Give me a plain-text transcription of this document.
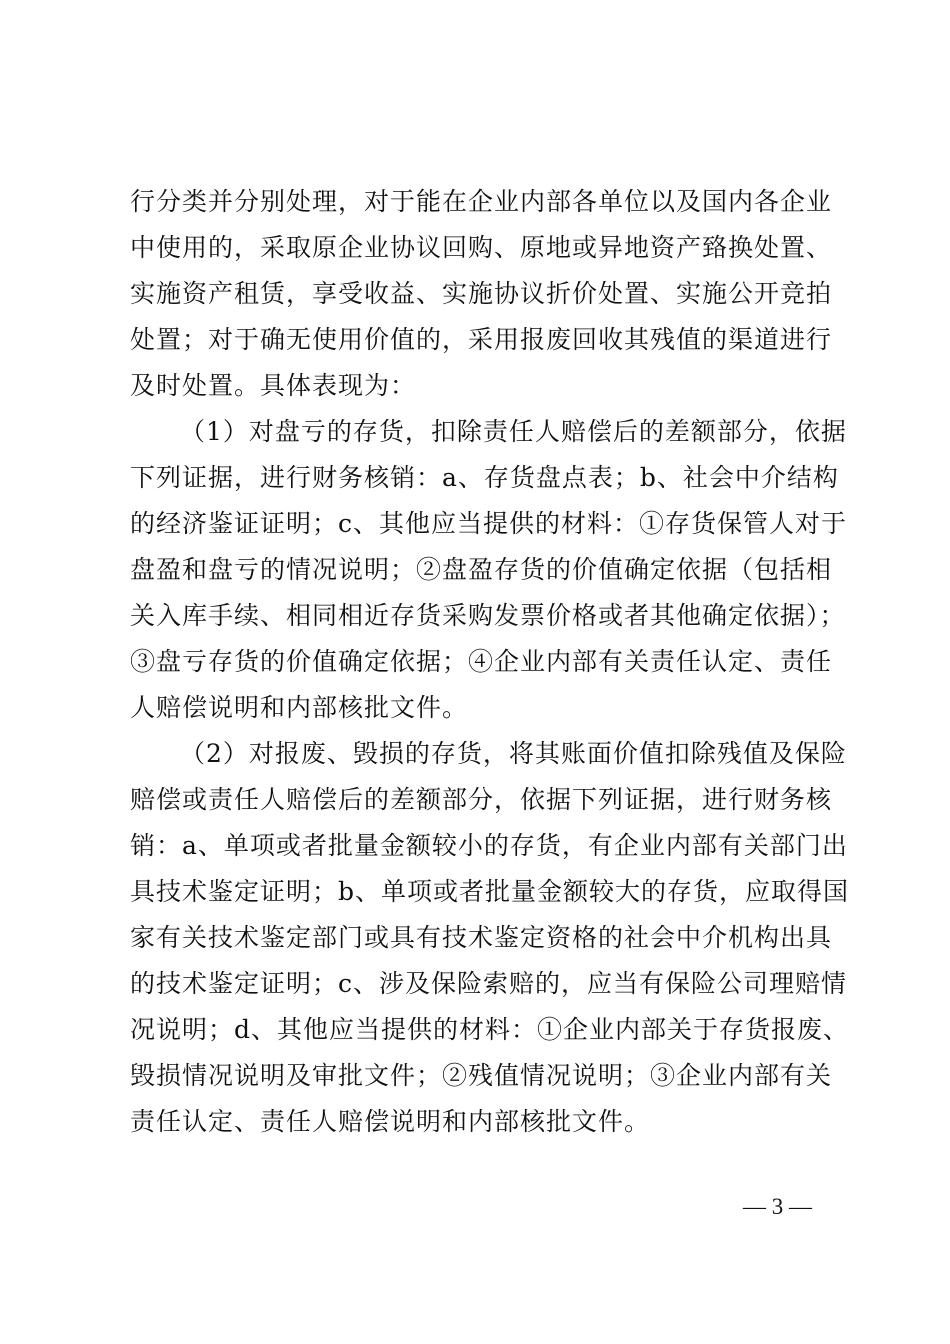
行分类并分别处理，对于能在企业内部各单位以及国内各企业
中使用的，采取原企业协议回购、原地或异地资产臵换处置、
实施资产租赁，享受收益、实施协议折价处置、实施公开竞拍
处置；对于确无使用价值的，采用报废回收其残值的渠道进行
及时处置。具体表现为：
（1）对盘亏的存货，扣除责任人赔偿后的差额部分，依据
下列证据，进行财务核销：a、存货盘点表；b、社会中介结构
的经济鉴证证明；c、其他应当提供的材料：①存货保管人对于
盘盈和盘亏的情况说明；②盘盈存货的价值确定依据（包括相
关入库手续、相同相近存货采购发票价格或者其他确定依据）；
③盘亏存货的价值确定依据；④企业内部有关责任认定、责任
人赔偿说明和内部核批文件。
（2）对报废、毁损的存货，将其账面价值扣除残值及保险
赔偿或责任人赔偿后的差额部分，依据下列证据，进行财务核
销：a、单项或者批量金额较小的存货，有企业内部有关部门出
具技术鉴定证明；b、单项或者批量金额较大的存货，应取得国
家有关技术鉴定部门或具有技术鉴定资格的社会中介机构出具
的技术鉴定证明；c、涉及保险索赔的，应当有保险公司理赔情
况说明；d、其他应当提供的材料：①企业内部关于存货报废、
毁损情况说明及审批文件；②残值情况说明；③企业内部有关
责任认定、责任人赔偿说明和内部核批文件。
— 3 —
